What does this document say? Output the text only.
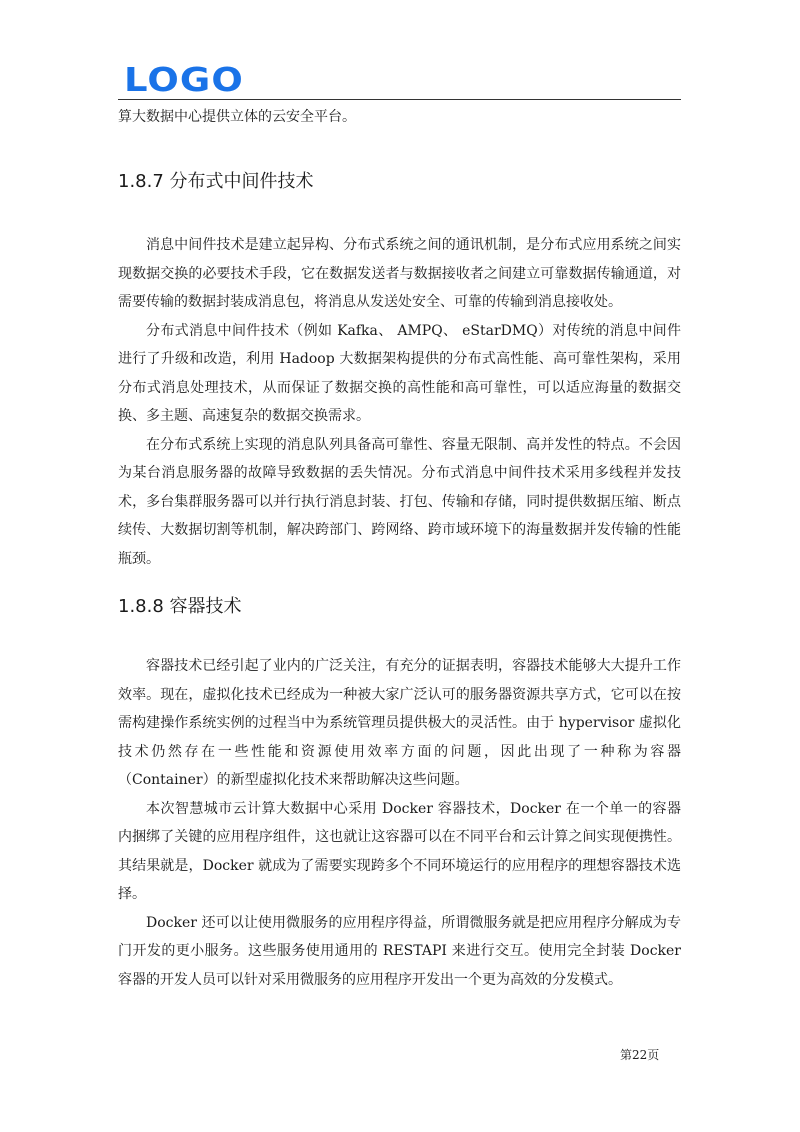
LOGO

算大数据中心提供立体的云安全平台。

1.8.7 分布式中间件技术

消息中间件技术是建立起异构、分布式系统之间的通讯机制，是分布式应用系统之间实现数据交换的必要技术手段，它在数据发送者与数据接收者之间建立可靠数据传输通道，对需要传输的数据封装成消息包，将消息从发送处安全、可靠的传输到消息接收处。

分布式消息中间件技术（例如 Kafka、 AMPQ、 eStarDMQ）对传统的消息中间件进行了升级和改造，利用 Hadoop 大数据架构提供的分布式高性能、高可靠性架构，采用分布式消息处理技术，从而保证了数据交换的高性能和高可靠性，可以适应海量的数据交换、多主题、高速复杂的数据交换需求。

在分布式系统上实现的消息队列具备高可靠性、容量无限制、高并发性的特点。不会因为某台消息服务器的故障导致数据的丢失情况。分布式消息中间件技术采用多线程并发技术，多台集群服务器可以并行执行消息封装、打包、传输和存储，同时提供数据压缩、断点续传、大数据切割等机制，解决跨部门、跨网络、跨市域环境下的海量数据并发传输的性能瓶颈。

1.8.8 容器技术

容器技术已经引起了业内的广泛关注，有充分的证据表明，容器技术能够大大提升工作效率。现在，虚拟化技术已经成为一种被大家广泛认可的服务器资源共享方式，它可以在按需构建操作系统实例的过程当中为系统管理员提供极大的灵活性。由于 hypervisor 虚拟化技术仍然存在一些性能和资源使用效率方面的问题，因此出现了一种称为容器（Container）的新型虚拟化技术来帮助解决这些问题。

本次智慧城市云计算大数据中心采用 Docker 容器技术，Docker 在一个单一的容器内捆绑了关键的应用程序组件，这也就让这容器可以在不同平台和云计算之间实现便携性。其结果就是，Docker 就成为了需要实现跨多个不同环境运行的应用程序的理想容器技术选择。

Docker 还可以让使用微服务的应用程序得益，所谓微服务就是把应用程序分解成为专门开发的更小服务。这些服务使用通用的 RESTAPI 来进行交互。使用完全封装 Docker 容器的开发人员可以针对采用微服务的应用程序开发出一个更为高效的分发模式。

第22页
